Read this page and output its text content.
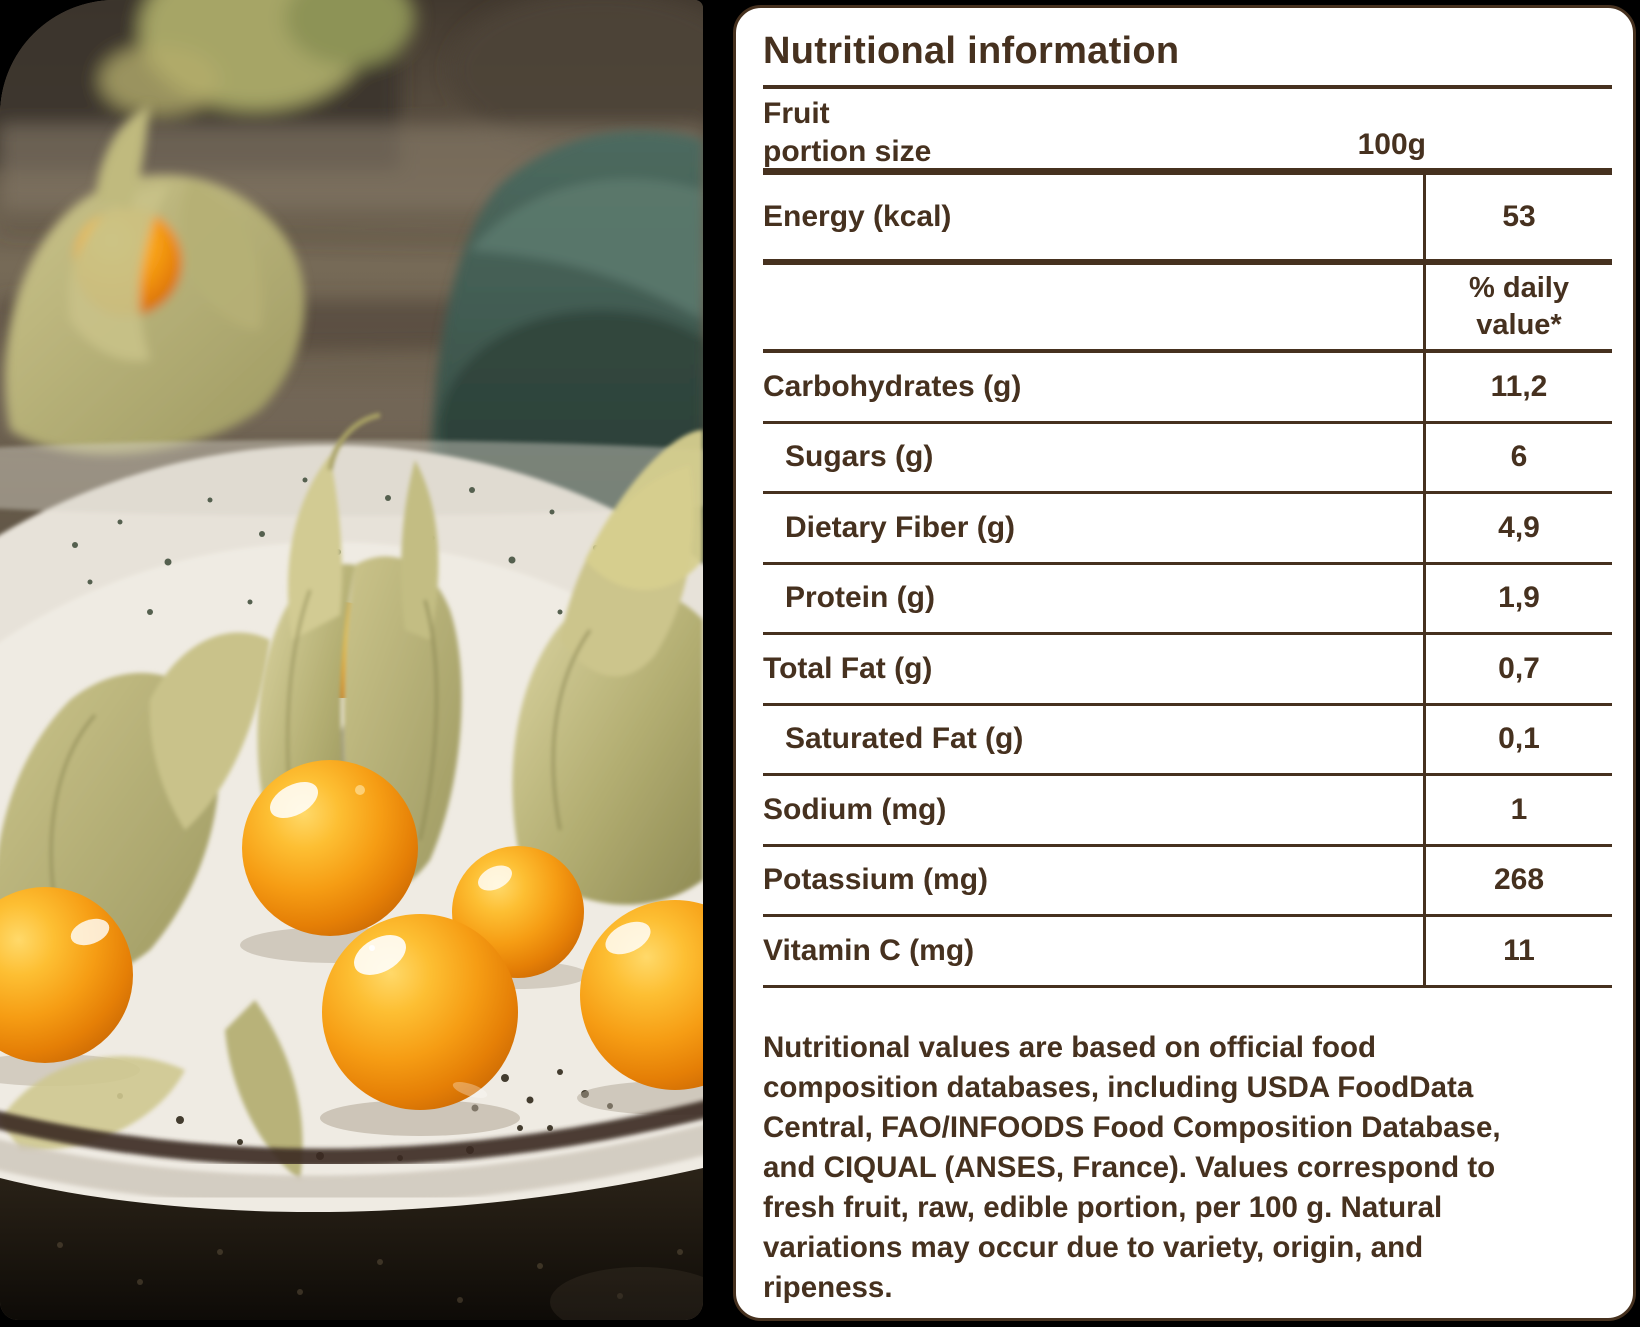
Nutritional information
Fruit
portion size	100g
Energy (kcal)	53
% daily
value*
Carbohydrates (g)	11,2
Sugars (g)	6
Dietary Fiber (g)	4,9
Protein (g)	1,9
Total Fat (g)	0,7
Saturated Fat (g)	0,1
Sodium (mg)	1
Potassium (mg)	268
Vitamin C (mg)	11

Nutritional values are based on official food composition databases, including USDA FoodData Central, FAO/INFOODS Food Composition Database, and CIQUAL (ANSES, France). Values correspond to fresh fruit, raw, edible portion, per 100 g. Natural variations may occur due to variety, origin, and ripeness.
